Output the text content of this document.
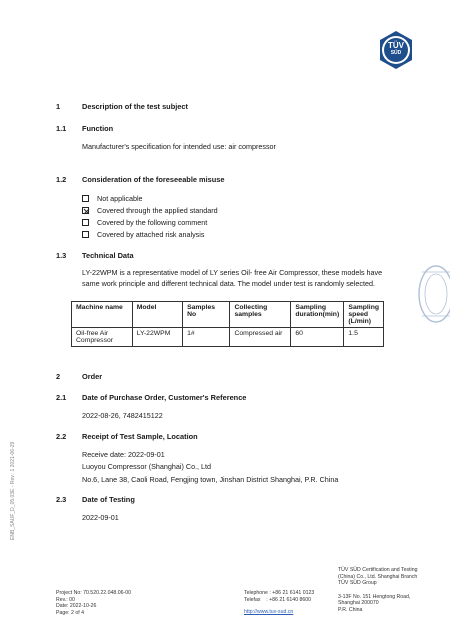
TÜV
SÜD
1	Description of the test subject
1.1 Function
Manufacturer's specification for intended use: air compressor
1.2 Consideration of the foreseeable misuse
Not applicable
Covered through the applied standard
Covered by the following comment
Covered by attached risk analysis
1.3 Technical Data
LY-22WPM is a representative model of LY series Oil- free Air Compressor, these models have
same work principle and different technical data. The model under test is randomly selected.
Machine name	Model	Samples No	Collecting samples	Sampling duration(min)	Sampling speed (L/min)
Oil-free Air Compressor	LY-22WPM	1#	Compressed air	60	1.5
2	Order
2.1 Date of Purchase Order, Customer's Reference
2022-08-26, 7482415122
2.2 Receipt of Test Sample, Location
Receive date: 2022-09-01
Luoyou Compressor (Shanghai) Co., Ltd
No.6, Lane 38, Caoli Road, Fengjing town, Jinshan District Shanghai, P.R. China
2.3 Date of Testing
2022-09-01
ENB_SAUF_D_05.03E - Rev.: 1 2021-06-29
Project No: 70.520.22.048.06-00
Rev.: 00
Date: 2022-10-26
Page: 2 of 4
Telephone : +86 21 6141 0123
Telefax    : +86 21 6140 8600
http://www.tuv-sud.cn
TÜV SÜD Certification and Testing
(China) Co., Ltd. Shanghai Branch
TÜV SÜD Group
3-13F No. 151 Hengtong Road,
Shanghai 200070
P.R. China
